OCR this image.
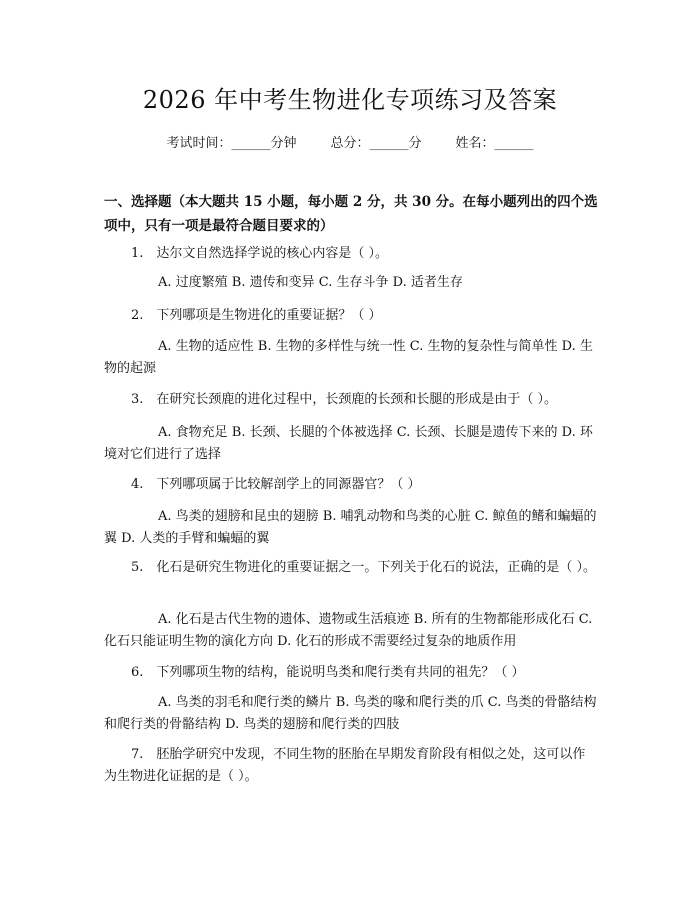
2026 年中考生物进化专项练习及答案
考试时间：______分钟	总分：______分	姓名：______

一、选择题（本大题共 15 小题，每小题 2 分，共 30 分。在每小题列出的四个选项中，只有一项是最符合题目要求的）

1.　达尔文自然选择学说的核心内容是（ ）。
A. 过度繁殖 B. 遗传和变异 C. 生存斗争 D. 适者生存
2.　下列哪项是生物进化的重要证据？（ ）
A. 生物的适应性 B. 生物的多样性与统一性 C. 生物的复杂性与简单性 D. 生物的起源
3.　在研究长颈鹿的进化过程中，长颈鹿的长颈和长腿的形成是由于（ ）。
A. 食物充足 B. 长颈、长腿的个体被选择 C. 长颈、长腿是遗传下来的 D. 环境对它们进行了选择
4.　下列哪项属于比较解剖学上的同源器官？（ ）
A. 鸟类的翅膀和昆虫的翅膀 B. 哺乳动物和鸟类的心脏 C. 鲸鱼的鳍和蝙蝠的翼 D. 人类的手臂和蝙蝠的翼
5.　化石是研究生物进化的重要证据之一。下列关于化石的说法，正确的是（ ）。
A. 化石是古代生物的遗体、遗物或生活痕迹 B. 所有的生物都能形成化石 C. 化石只能证明生物的演化方向 D. 化石的形成不需要经过复杂的地质作用
6.　下列哪项生物的结构，能说明鸟类和爬行类有共同的祖先？（ ）
A. 鸟类的羽毛和爬行类的鳞片 B. 鸟类的喙和爬行类的爪 C. 鸟类的骨骼结构和爬行类的骨骼结构 D. 鸟类的翅膀和爬行类的四肢
7.　胚胎学研究中发现，不同生物的胚胎在早期发育阶段有相似之处，这可以作为生物进化证据的是（ ）。
